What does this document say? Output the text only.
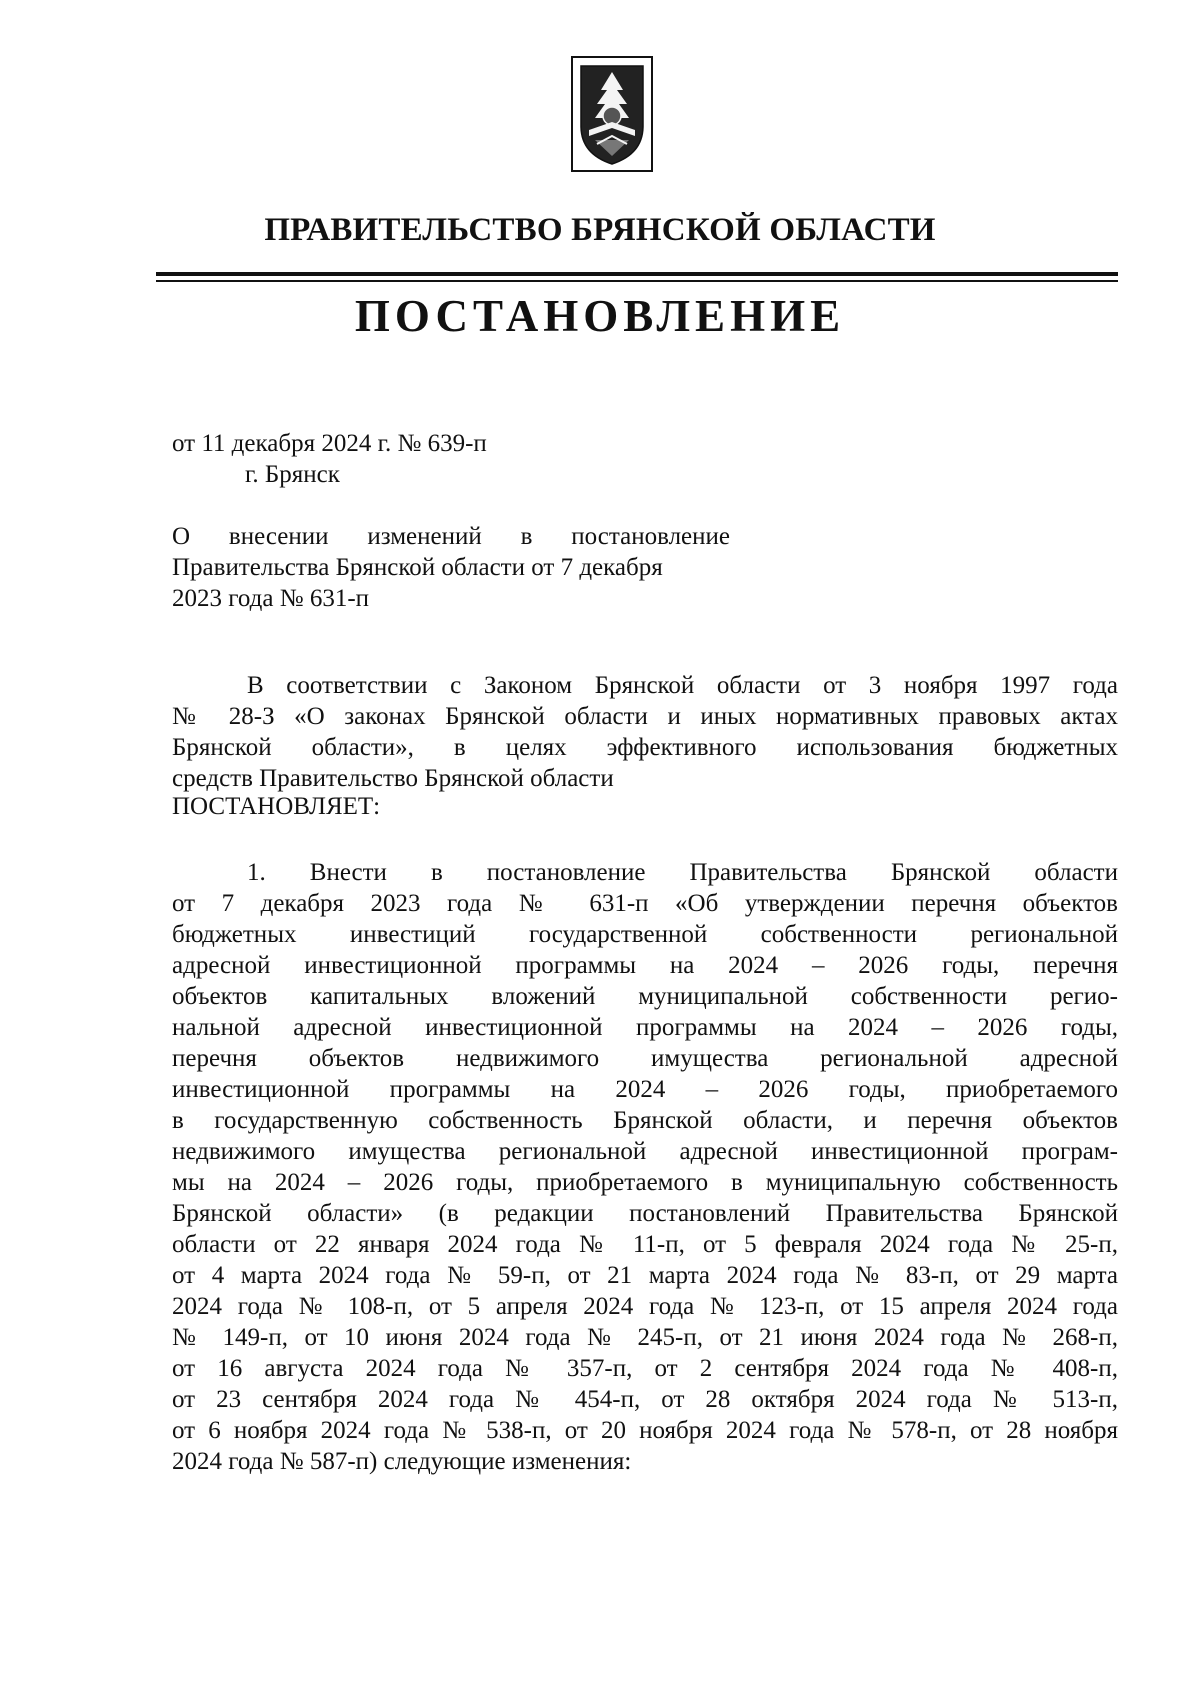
ПРАВИТЕЛЬСТВО БРЯНСКОЙ ОБЛАСТИ
ПОСТАНОВЛЕНИЕ
от 11 декабря 2024 г. № 639-п
г. Брянск
О внесении изменений в постановление
Правительства Брянской области от 7 декабря
2023 года № 631-п
В соответствии с Законом Брянской области от 3 ноября 1997 года
№ 28-З «О законах Брянской области и иных нормативных правовых актах
Брянской области», в целях эффективного использования бюджетных
средств Правительство Брянской области
ПОСТАНОВЛЯЕТ:
1. Внести в постановление Правительства Брянской области
от 7 декабря 2023 года № 631-п «Об утверждении перечня объектов
бюджетных инвестиций государственной собственности региональной
адресной инвестиционной программы на 2024 – 2026 годы, перечня
объектов капитальных вложений муниципальной собственности регио-
нальной адресной инвестиционной программы на 2024 – 2026 годы,
перечня объектов недвижимого имущества региональной адресной
инвестиционной программы на 2024 – 2026 годы, приобретаемого
в государственную собственность Брянской области, и перечня объектов
недвижимого имущества региональной адресной инвестиционной програм-
мы на 2024 – 2026 годы, приобретаемого в муниципальную собственность
Брянской области» (в редакции постановлений Правительства Брянской
области от 22 января 2024 года № 11-п, от 5 февраля 2024 года № 25-п,
от 4 марта 2024 года № 59-п, от 21 марта 2024 года № 83-п, от 29 марта
2024 года № 108-п, от 5 апреля 2024 года № 123-п, от 15 апреля 2024 года
№ 149-п, от 10 июня 2024 года № 245-п, от 21 июня 2024 года № 268-п,
от 16 августа 2024 года № 357-п, от 2 сентября 2024 года № 408-п,
от 23 сентября 2024 года № 454-п, от 28 октября 2024 года № 513-п,
от 6 ноября 2024 года № 538-п, от 20 ноября 2024 года № 578-п, от 28 ноября
2024 года № 587-п) следующие изменения:
